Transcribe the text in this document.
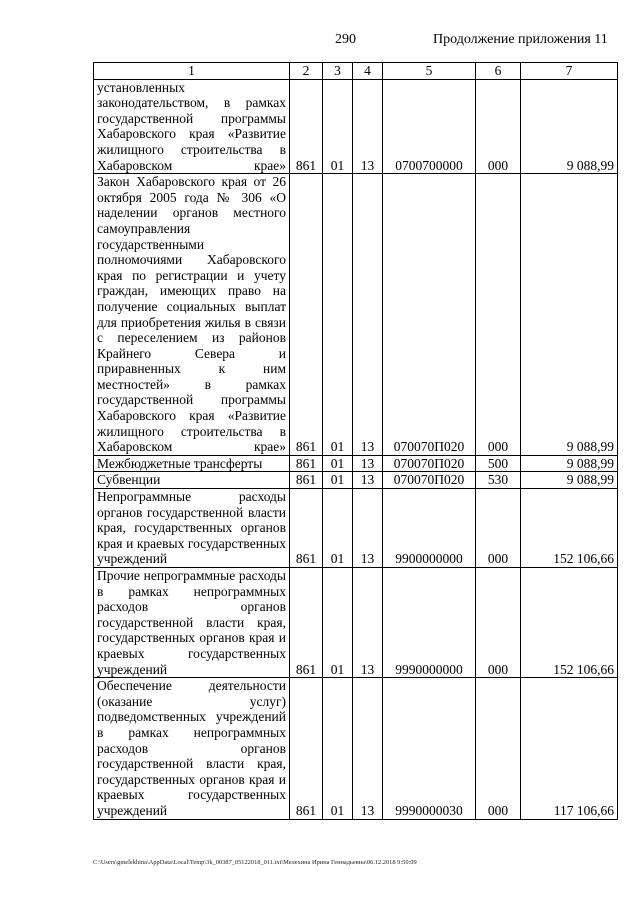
290	Продолжение приложения 11
1	2	3	4	5	6	7
установленных законодательством, в рамках государственной программы Хабаровского края «Развитие жилищного строительства в Хабаровском крае»	861	01	13	0700700000	000	9 088,99
Закон Хабаровского края от 26 октября 2005 года № 306 «О наделении органов местного самоуправления государственными полномочиями Хабаровского края по регистрации и учету граждан, имеющих право на получение социальных выплат для приобретения жилья в связи с переселением из районов Крайнего Севера и приравненных к ним местностей» в рамках государственной программы Хабаровского края «Развитие жилищного строительства в Хабаровском крае»	861	01	13	070070П020	000	9 088,99
Межбюджетные трансферты	861	01	13	070070П020	500	9 088,99
Субвенции	861	01	13	070070П020	530	9 088,99
Непрограммные расходы органов государственной власти края, государственных органов края и краевых государственных учреждений	861	01	13	9900000000	000	152 106,66
Прочие непрограммные расходы в рамках непрограммных расходов органов государственной власти края, государственных органов края и краевых государственных учреждений	861	01	13	9990000000	000	152 106,66
Обеспечение деятельности (оказание услуг) подведомственных учреждений в рамках непрограммных расходов органов государственной власти края, государственных органов края и краевых государственных учреждений	861	01	13	9990000030	000	117 106,66
C:\Users\gmelekhina\AppData\Local\Temp\3k_00387_05122018_011.txt\Мелехина Ирина Геннадьевна\06.12.2018 9:50:09
